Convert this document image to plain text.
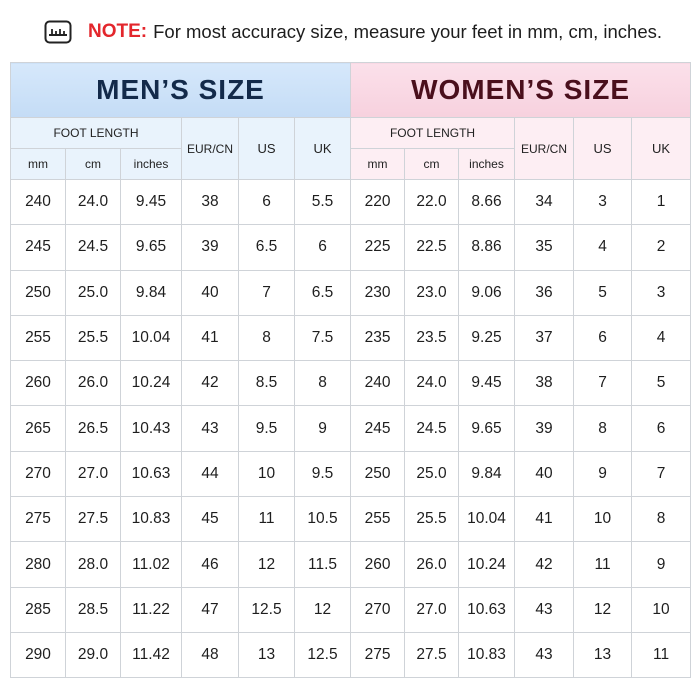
NOTE: For most accuracy size, measure your feet in mm, cm, inches.
MEN’S SIZE						WOMEN’S SIZE					
FOOT LENGTH			EUR/CN	US	UK	FOOT LENGTH			EUR/CN	US	UK
mm	cm	inches				mm	cm	inches			
240	24.0	9.45	38	6	5.5	220	22.0	8.66	34	3	1
245	24.5	9.65	39	6.5	6	225	22.5	8.86	35	4	2
250	25.0	9.84	40	7	6.5	230	23.0	9.06	36	5	3
255	25.5	10.04	41	8	7.5	235	23.5	9.25	37	6	4
260	26.0	10.24	42	8.5	8	240	24.0	9.45	38	7	5
265	26.5	10.43	43	9.5	9	245	24.5	9.65	39	8	6
270	27.0	10.63	44	10	9.5	250	25.0	9.84	40	9	7
275	27.5	10.83	45	11	10.5	255	25.5	10.04	41	10	8
280	28.0	11.02	46	12	11.5	260	26.0	10.24	42	11	9
285	28.5	11.22	47	12.5	12	270	27.0	10.63	43	12	10
290	29.0	11.42	48	13	12.5	275	27.5	10.83	43	13	11
